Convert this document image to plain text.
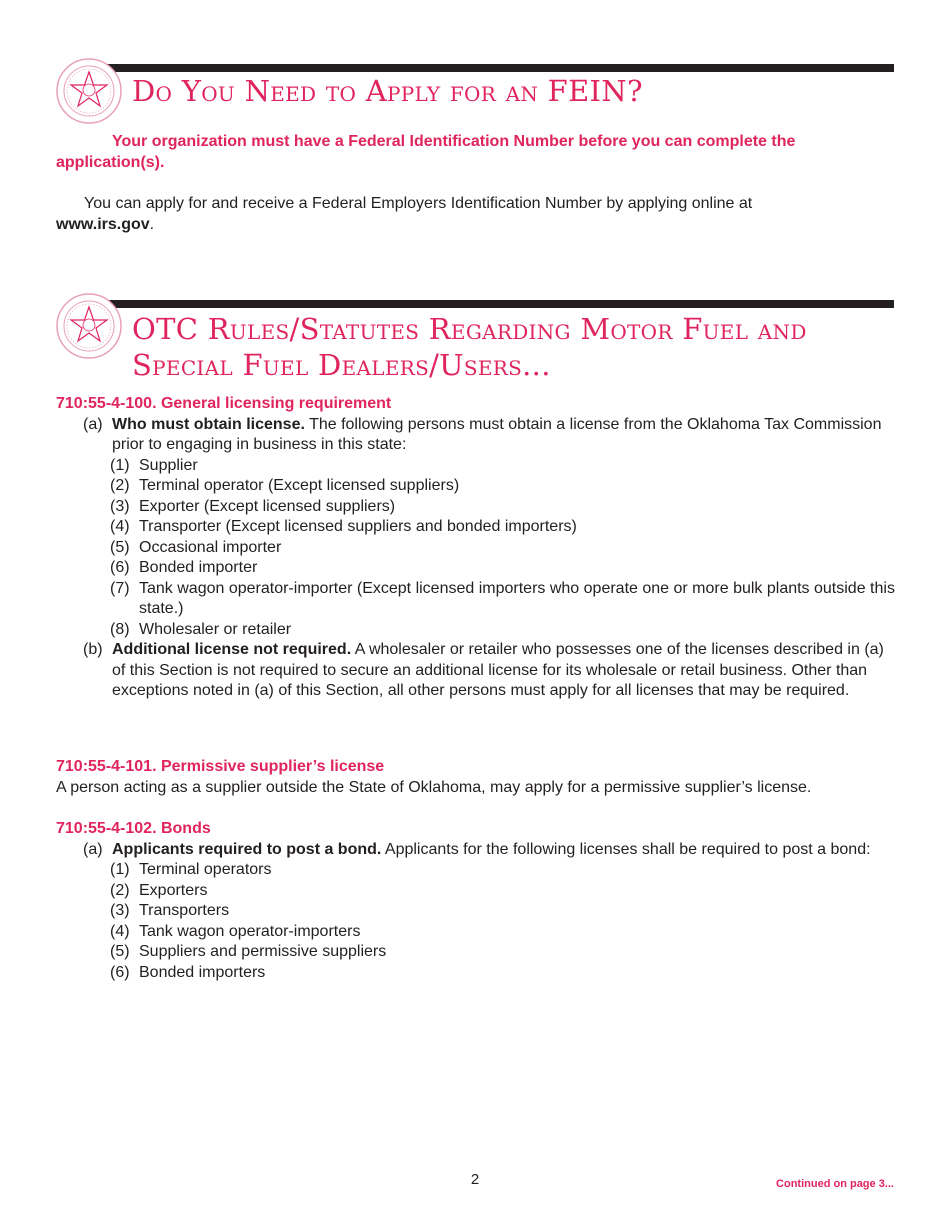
Do You Need to Apply for an FEIN?

Your organization must have a Federal Identification Number before you can complete the application(s).

You can apply for and receive a Federal Employers Identification Number by applying online at
www.irs.gov.

OTC Rules/Statutes Regarding Motor Fuel and
Special Fuel Dealers/Users...

710:55-4-100. General licensing requirement

(a) Who must obtain license. The following persons must obtain a license from the Oklahoma Tax Commission prior to engaging in business in this state:
(1) Supplier
(2) Terminal operator (Except licensed suppliers)
(3) Exporter (Except licensed suppliers)
(4) Transporter (Except licensed suppliers and bonded importers)
(5) Occasional importer
(6) Bonded importer
(7) Tank wagon operator-importer (Except licensed importers who operate one or more bulk plants outside this state.)
(8) Wholesaler or retailer
(b) Additional license not required. A wholesaler or retailer who possesses one of the licenses described in (a) of this Section is not required to secure an additional license for its wholesale or retail business. Other than exceptions noted in (a) of this Section, all other persons must apply for all licenses that may be required.

710:55-4-101. Permissive supplier’s license

A person acting as a supplier outside the State of Oklahoma, may apply for a permissive supplier’s license.

710:55-4-102. Bonds

(a) Applicants required to post a bond. Applicants for the following licenses shall be required to post a bond:
(1) Terminal operators
(2) Exporters
(3) Transporters
(4) Tank wagon operator-importers
(5) Suppliers and permissive suppliers
(6) Bonded importers
2	Continued on page 3...
